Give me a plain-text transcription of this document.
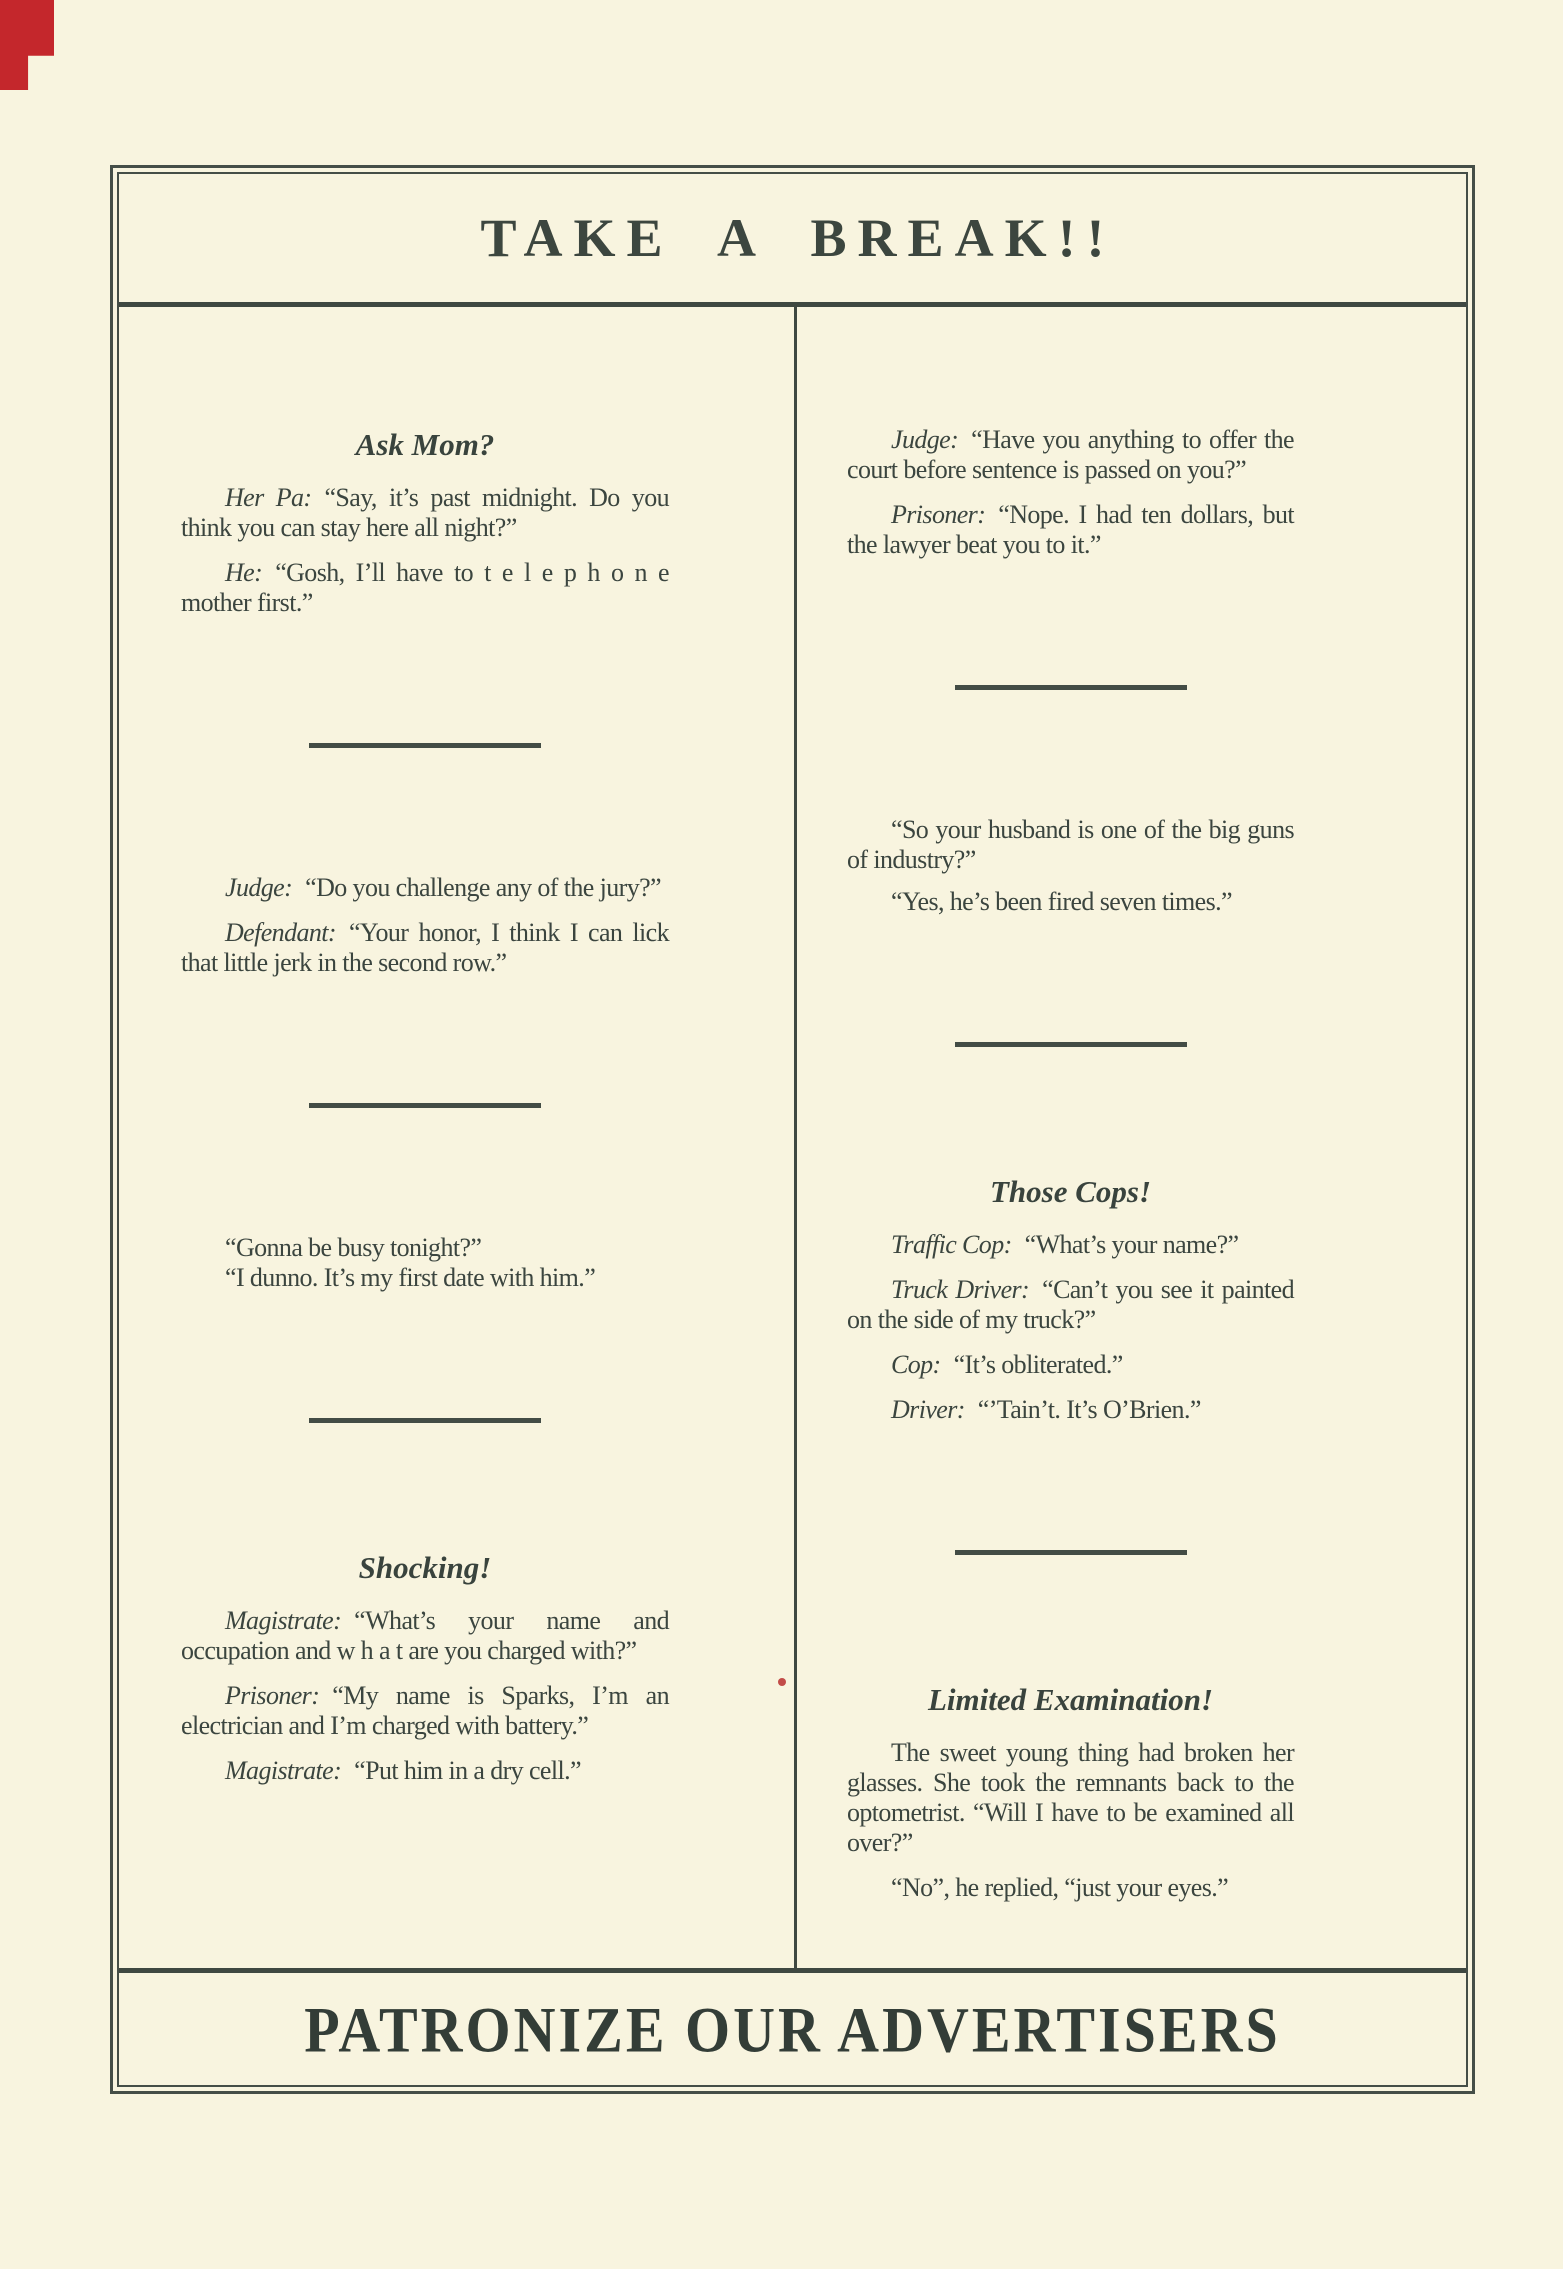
TAKE A BREAK!!
Ask Mom?

Her Pa: “Say, it’s past midnight. Do you think you can stay here all night?”

He: “Gosh, I’ll have to t e l e p h o n e mother first.”

Judge: “Do you challenge any of the jury?”

Defendant: “Your honor, I think I can lick that little jerk in the second row.”

“Gonna be busy tonight?”

“I dunno. It’s my first date with him.”

Shocking!

Magistrate: “What’s your name and occupation and w h a t are you charged with?”

Prisoner: “My name is Sparks, I’m an electrician and I’m charged with battery.”

Magistrate: “Put him in a dry cell.”

Judge: “Have you anything to offer the court before sentence is passed on you?”

Prisoner: “Nope. I had ten dollars, but the lawyer beat you to it.”

“So your husband is one of the big guns of industry?”

“Yes, he’s been fired seven times.”

Those Cops!

Traffic Cop: “What’s your name?”

Truck Driver: “Can’t you see it painted on the side of my truck?”

Cop: “It’s obliterated.”

Driver: “’Tain’t. It’s O’Brien.”

Limited Examination!

The sweet young thing had broken her glasses. She took the remnants back to the optometrist. “Will I have to be examined all over?”

“No”, he replied, “just your eyes.”

PATRONIZE OUR ADVERTISERS
